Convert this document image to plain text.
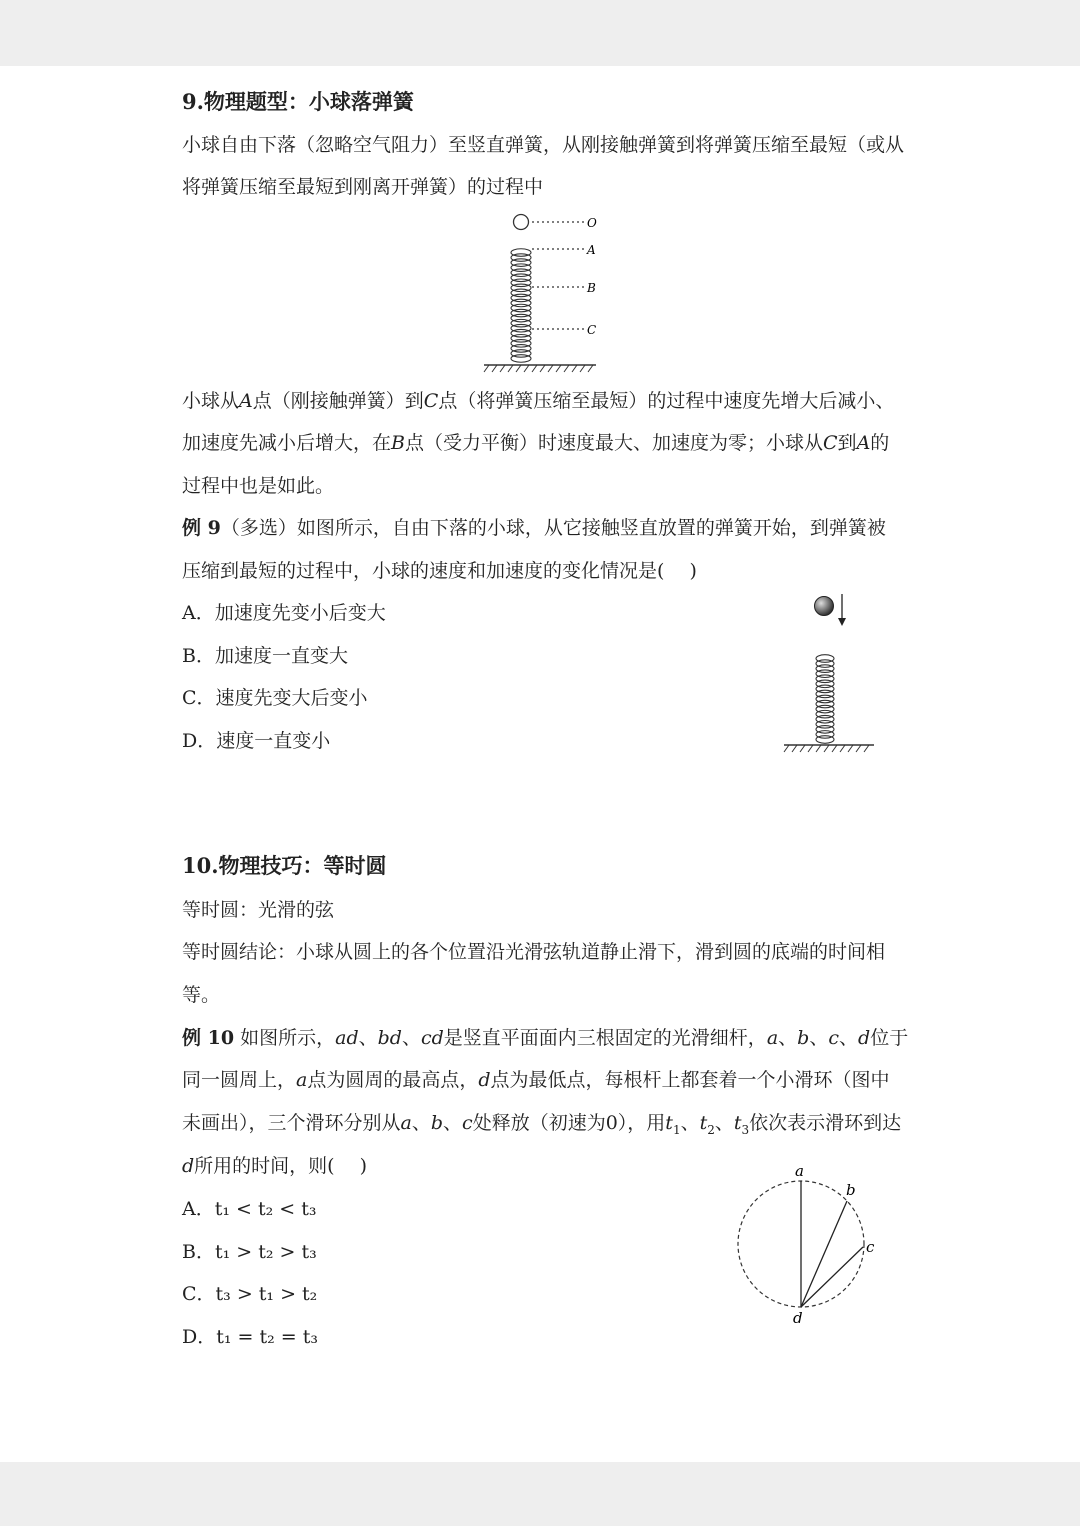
9.物理题型：小球落弹簧
小球自由下落（忽略空气阻力）至竖直弹簧，从刚接触弹簧到将弹簧压缩至最短（或从
将弹簧压缩至最短到刚离开弹簧）的过程中
O
A
B
C
小球从A点（刚接触弹簧）到C点（将弹簧压缩至最短）的过程中速度先增大后减小、
加速度先减小后增大，在B点（受力平衡）时速度最大、加速度为零；小球从C到A的
过程中也是如此。
例 9（多选）如图所示，自由下落的小球，从它接触竖直放置的弹簧开始，到弹簧被
压缩到最短的过程中，小球的速度和加速度的变化情况是(　 )
A．加速度先变小后变大
B．加速度一直变大
C．速度先变大后变小
D．速度一直变小
10.物理技巧：等时圆
等时圆：光滑的弦
等时圆结论：小球从圆上的各个位置沿光滑弦轨道静止滑下，滑到圆的底端的时间相
等。
例 10 如图所示，ad、bd、cd是竖直平面面内三根固定的光滑细杆，a、b、c、d位于
同一圆周上，a点为圆周的最高点，d点为最低点，每根杆上都套着一个小滑环（图中
未画出），三个滑环分别从a、b、c处释放（初速为0），用$t_1$、$t_2$、$t_3$依次表示滑环到达
d所用的时间，则(　 )
A．t₁ < t₂ < t₃
B．t₁ > t₂ > t₃
C．t₃ > t₁ > t₂
D．t₁ = t₂ = t₃
a
b
c
d
